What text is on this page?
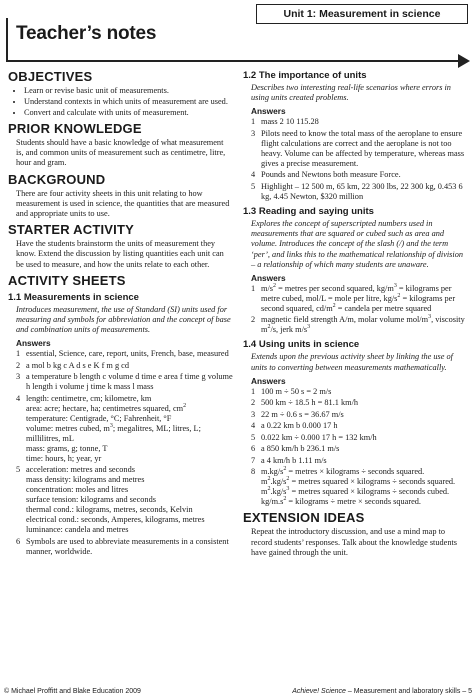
Unit 1: Measurement in science
Teacher’s notes
OBJECTIVES
• Learn or revise basic unit of measurements.
• Understand contexts in which units of measurement are used.
• Convert and calculate with units of measurement.
PRIOR KNOWLEDGE

Students should have a basic knowledge of what measurement is, and common units of measurement such as centimetre, litre, hour and gram.

BACKGROUND

There are four activity sheets in this unit relating to how measurement is used in science, the quantities that are measured and appropriate units to use.

STARTER ACTIVITY

Have the students brainstorm the units of measurement they know. Extend the discussion by listing quantities each unit can be used to measure, and how the units relate to each other.

ACTIVITY SHEETS
1.1 Measurements in science

Introduces measurement, the use of Standard (SI) units used for measuring and symbols for abbreviation and the concept of base and combination units of measurements.

Answers
1 essential, Science, care, report, units, French, base, measured
2 a mol b kg c A d s e K f m g cd
3 a temperature b length c volume d time e area f time g volume h length i volume j time k mass l mass
4 length: centimetre, cm; kilometre, km
area: acre; hectare, ha; centimetres squared, $cm^2$
temperature: Centigrade, °C; Fahrenheit, °F
volume: metres cubed, $m^3$; megalitres, ML; litres, L; millilitres, mL
mass: grams, g; tonne, T
time: hours, h; year, yr
5 acceleration: metres and seconds
mass density: kilograms and metres
concentration: moles and litres
surface tension: kilograms and seconds
thermal cond.: kilograms, metres, seconds, Kelvin
electrical cond.: seconds, Amperes, kilograms, metres
luminance: candela and metres
6 Symbols are used to abbreviate measurements in a consistent manner, worldwide.
1.2 The importance of units

Describes two interesting real-life scenarios where errors in using units created problems.

Answers
1 mass 2 10 115.28
3 Pilots need to know the total mass of the aeroplane to ensure flight calculations are correct and the aeroplane is not too heavy. Volume can be affected by temperature, whereas mass gives a precise measurement.
4 Pounds and Newtons both measure Force.
5 Highlight – 12 500 m, 65 km, 22 300 lbs, 22 300 kg, 0.453 6 kg, 4.45 Newton, $320 million
1.3 Reading and saying units

Explores the concept of superscripted numbers used in measurements that are squared or cubed such as area and volume. Introduces the concept of the slash (/) and the term ‘per’, and links this to the mathematical relationship of division – a relationship of which many students are unaware.

Answers
1 $m/s^2$ = metres per second squared, $kg/m^3$ = kilograms per metre cubed, mol/L = mole per litre, $kg/s^2$ = kilograms per second squared, $cd/m^2$ = candela per metre squared
2 magnetic field strength A/m, molar volume mol/$m^3$, viscosity $m^2/s$, jerk $m/s^3$
1.4 Using units in science

Extends upon the previous activity sheet by linking the use of units to converting between measurements mathematically.

Answers
1 100 m ÷ 50 s = 2 m/s
2 500 km ÷ 18.5 h = 81.1 km/h
3 22 m ÷ 0.6 s = 36.67 m/s
4 a 0.22 km b 0.000 17 h
5 0.022 km ÷ 0.000 17 h = 132 km/h
6 a 850 km/h b 236.1 m/s
7 a 4 km/h b 1.11 m/s
8 $m.kg/s^2$ = metres × kilograms ÷ seconds squared.
$m^2.kg/s^2$ = metres squared × kilograms ÷ seconds squared.
$m^2.kg/s^3$ = metres squared × kilograms ÷ seconds cubed.
$kg/m.s^2$ = kilograms ÷ metre × seconds squared.
EXTENSION IDEAS

Repeat the introductory discussion, and use a mind map to record students’ responses. Talk about the knowledge students have gained through the unit.

© Michael Proffitt and Blake Education 2009	Achieve! Science – Measurement and laboratory skills – 5
